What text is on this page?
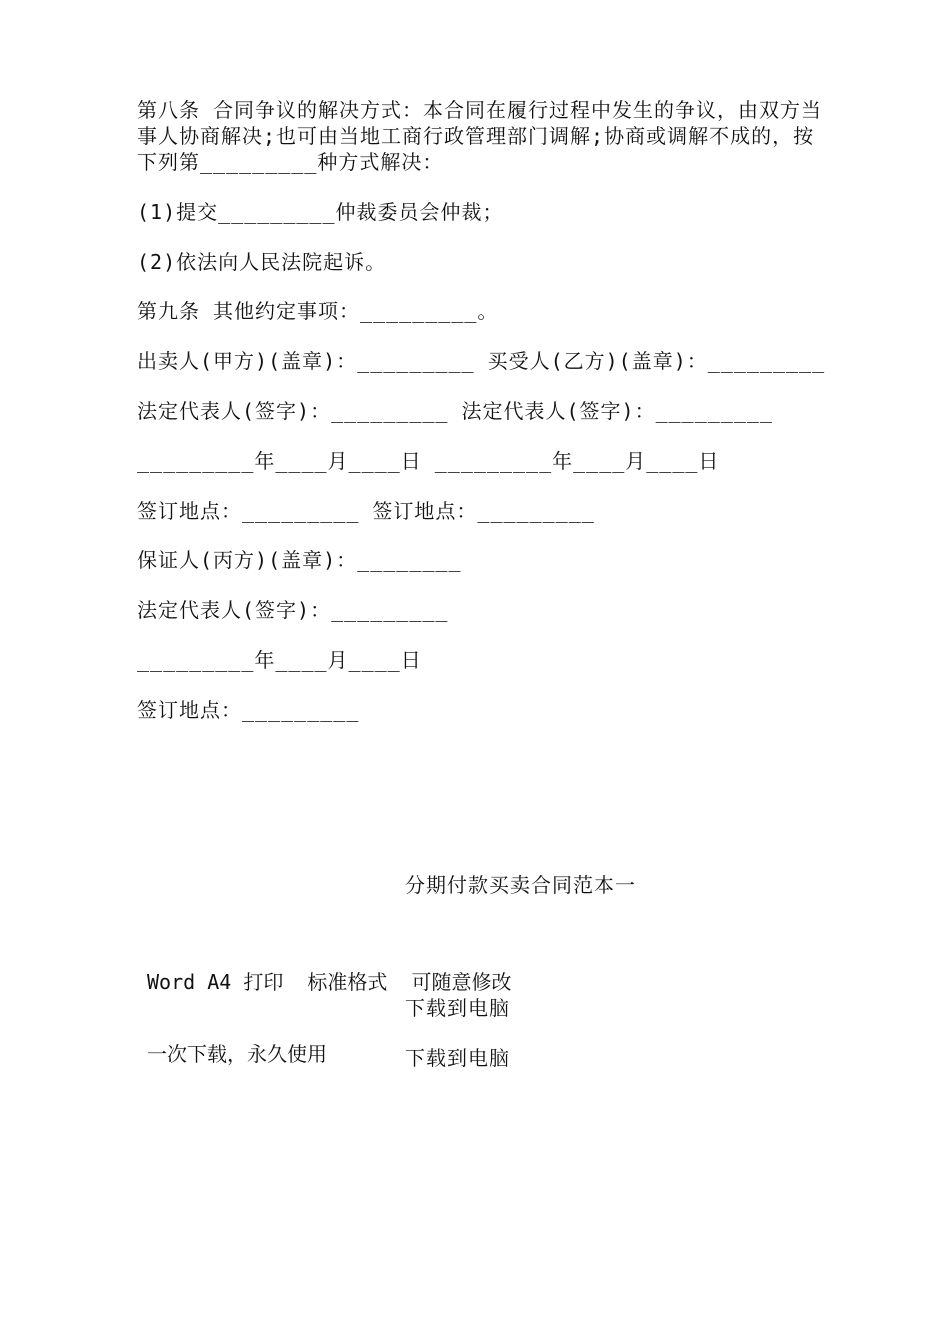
第八条 合同争议的解决方式：本合同在履行过程中发生的争议，由双方当事人协商解决;也可由当地工商行政管理部门调解;协商或调解不成的，按下列第_________种方式解决：
(1)提交_________仲裁委员会仲裁；
(2)依法向人民法院起诉。
第九条 其他约定事项：_________。
出卖人(甲方)(盖章)：_________ 买受人(乙方)(盖章)：_________
法定代表人(签字)：_________ 法定代表人(签字)：_________
_________年____月____日 _________年____月____日
签订地点：_________ 签订地点：_________
保证人(丙方)(盖章)：________
法定代表人(签字)：_________
_________年____月____日
签订地点：_________
分期付款买卖合同范本一

Word A4 打印  标准格式  可随意修改

一次下载，永久使用

下载到电脑
下载到电脑
